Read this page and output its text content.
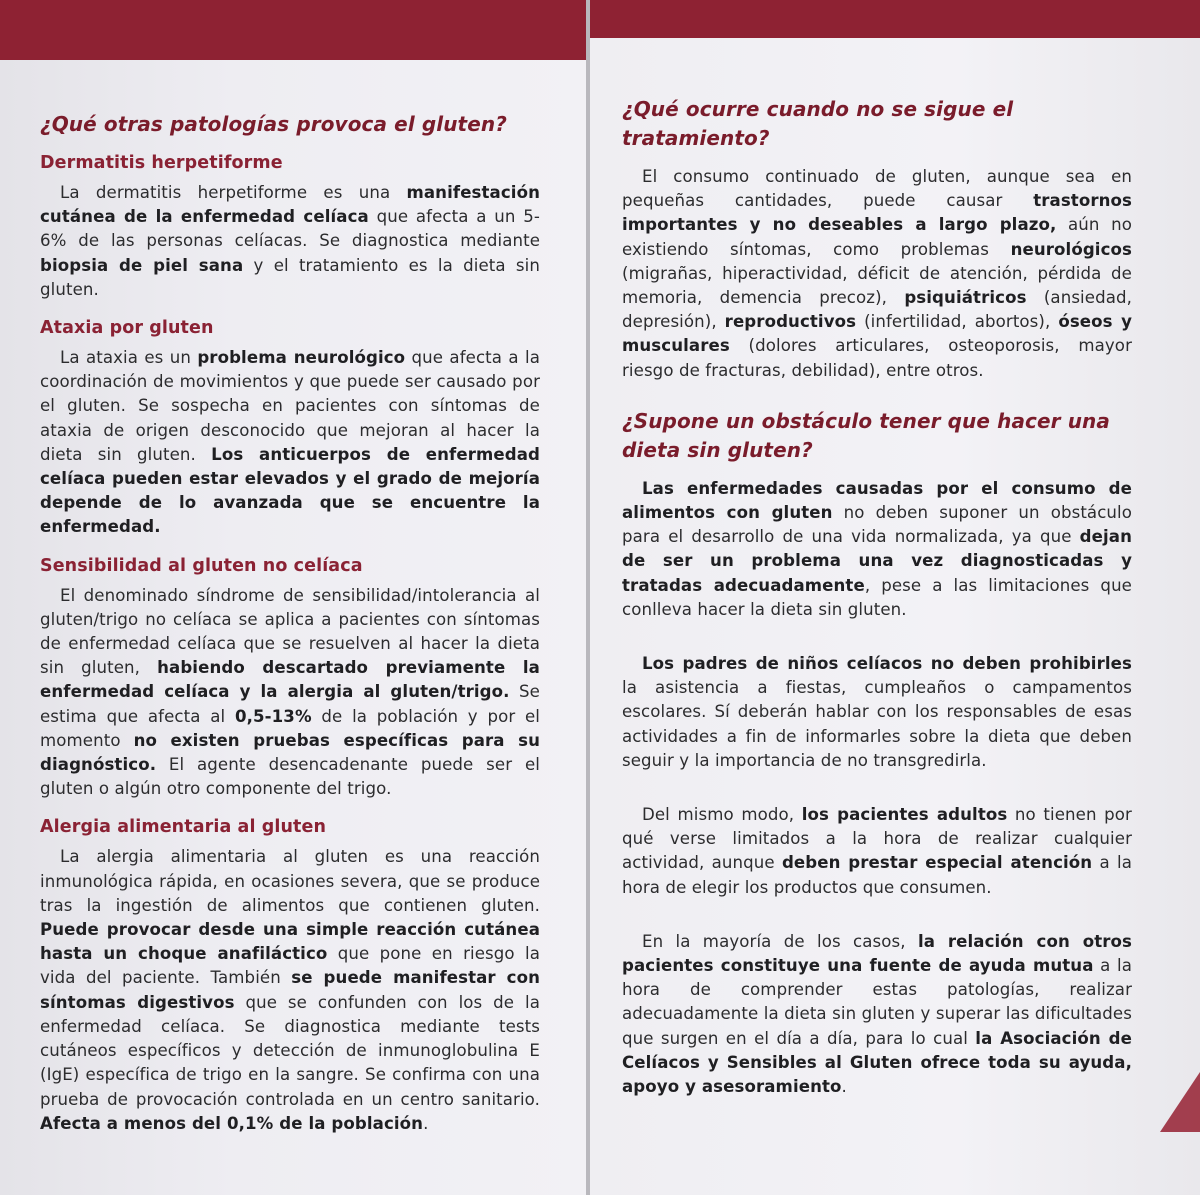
¿Qué otras patologías provoca el gluten?
Dermatitis herpetiforme

La dermatitis herpetiforme es una manifestación cutánea de la enfermedad celíaca que afecta a un 5-6% de las personas celíacas. Se diagnostica mediante biopsia de piel sana y el tratamiento es la dieta sin gluten.

Ataxia por gluten

La ataxia es un problema neurológico que afecta a la coordinación de movimientos y que puede ser causado por el gluten. Se sospecha en pacientes con síntomas de ataxia de origen desconocido que mejoran al hacer la dieta sin gluten. Los anticuerpos de enfermedad celíaca pueden estar elevados y el grado de mejoría depende de lo avanzada que se encuentre la enfermedad.

Sensibilidad al gluten no celíaca

El denominado síndrome de sensibilidad/intolerancia al gluten/trigo no celíaca se aplica a pacientes con síntomas de enfermedad celíaca que se resuelven al hacer la dieta sin gluten, habiendo descartado previamente la enfermedad celíaca y la alergia al gluten/trigo. Se estima que afecta al 0,5-13% de la población y por el momento no existen pruebas específicas para su diagnóstico. El agente desencadenante puede ser el gluten o algún otro componente del trigo.

Alergia alimentaria al gluten

La alergia alimentaria al gluten es una reacción inmunológica rápida, en ocasiones severa, que se produce tras la ingestión de alimentos que contienen gluten. Puede provocar desde una simple reacción cutánea hasta un choque anafiláctico que pone en riesgo la vida del paciente. También se puede manifestar con síntomas digestivos que se confunden con los de la enfermedad celíaca. Se diagnostica mediante tests cutáneos específicos y detección de inmunoglobulina E (IgE) específica de trigo en la sangre. Se confirma con una prueba de provocación controlada en un centro sanitario. Afecta a menos del 0,1% de la población.

¿Qué ocurre cuando no se sigue el tratamiento?

El consumo continuado de gluten, aunque sea en pequeñas cantidades, puede causar trastornos importantes y no deseables a largo plazo, aún no existiendo síntomas, como problemas neurológicos (migrañas, hiperactividad, déficit de atención, pérdida de memoria, demencia precoz), psiquiátricos (ansiedad, depresión), reproductivos (infertilidad, abortos), óseos y musculares (dolores articulares, osteoporosis, mayor riesgo de fracturas, debilidad), entre otros.

¿Supone un obstáculo tener que hacer una dieta sin gluten?

Las enfermedades causadas por el consumo de alimentos con gluten no deben suponer un obstáculo para el desarrollo de una vida normalizada, ya que dejan de ser un problema una vez diagnosticadas y tratadas adecuadamente, pese a las limitaciones que conlleva hacer la dieta sin gluten.

Los padres de niños celíacos no deben prohibirles la asistencia a fiestas, cumpleaños o campamentos escolares. Sí deberán hablar con los responsables de esas actividades a fin de informarles sobre la dieta que deben seguir y la importancia de no transgredirla.

Del mismo modo, los pacientes adultos no tienen por qué verse limitados a la hora de realizar cualquier actividad, aunque deben prestar especial atención a la hora de elegir los productos que consumen.

En la mayoría de los casos, la relación con otros pacientes constituye una fuente de ayuda mutua a la hora de comprender estas patologías, realizar adecuadamente la dieta sin gluten y superar las dificultades que surgen en el día a día, para lo cual la Asociación de Celíacos y Sensibles al Gluten ofrece toda su ayuda, apoyo y asesoramiento.
